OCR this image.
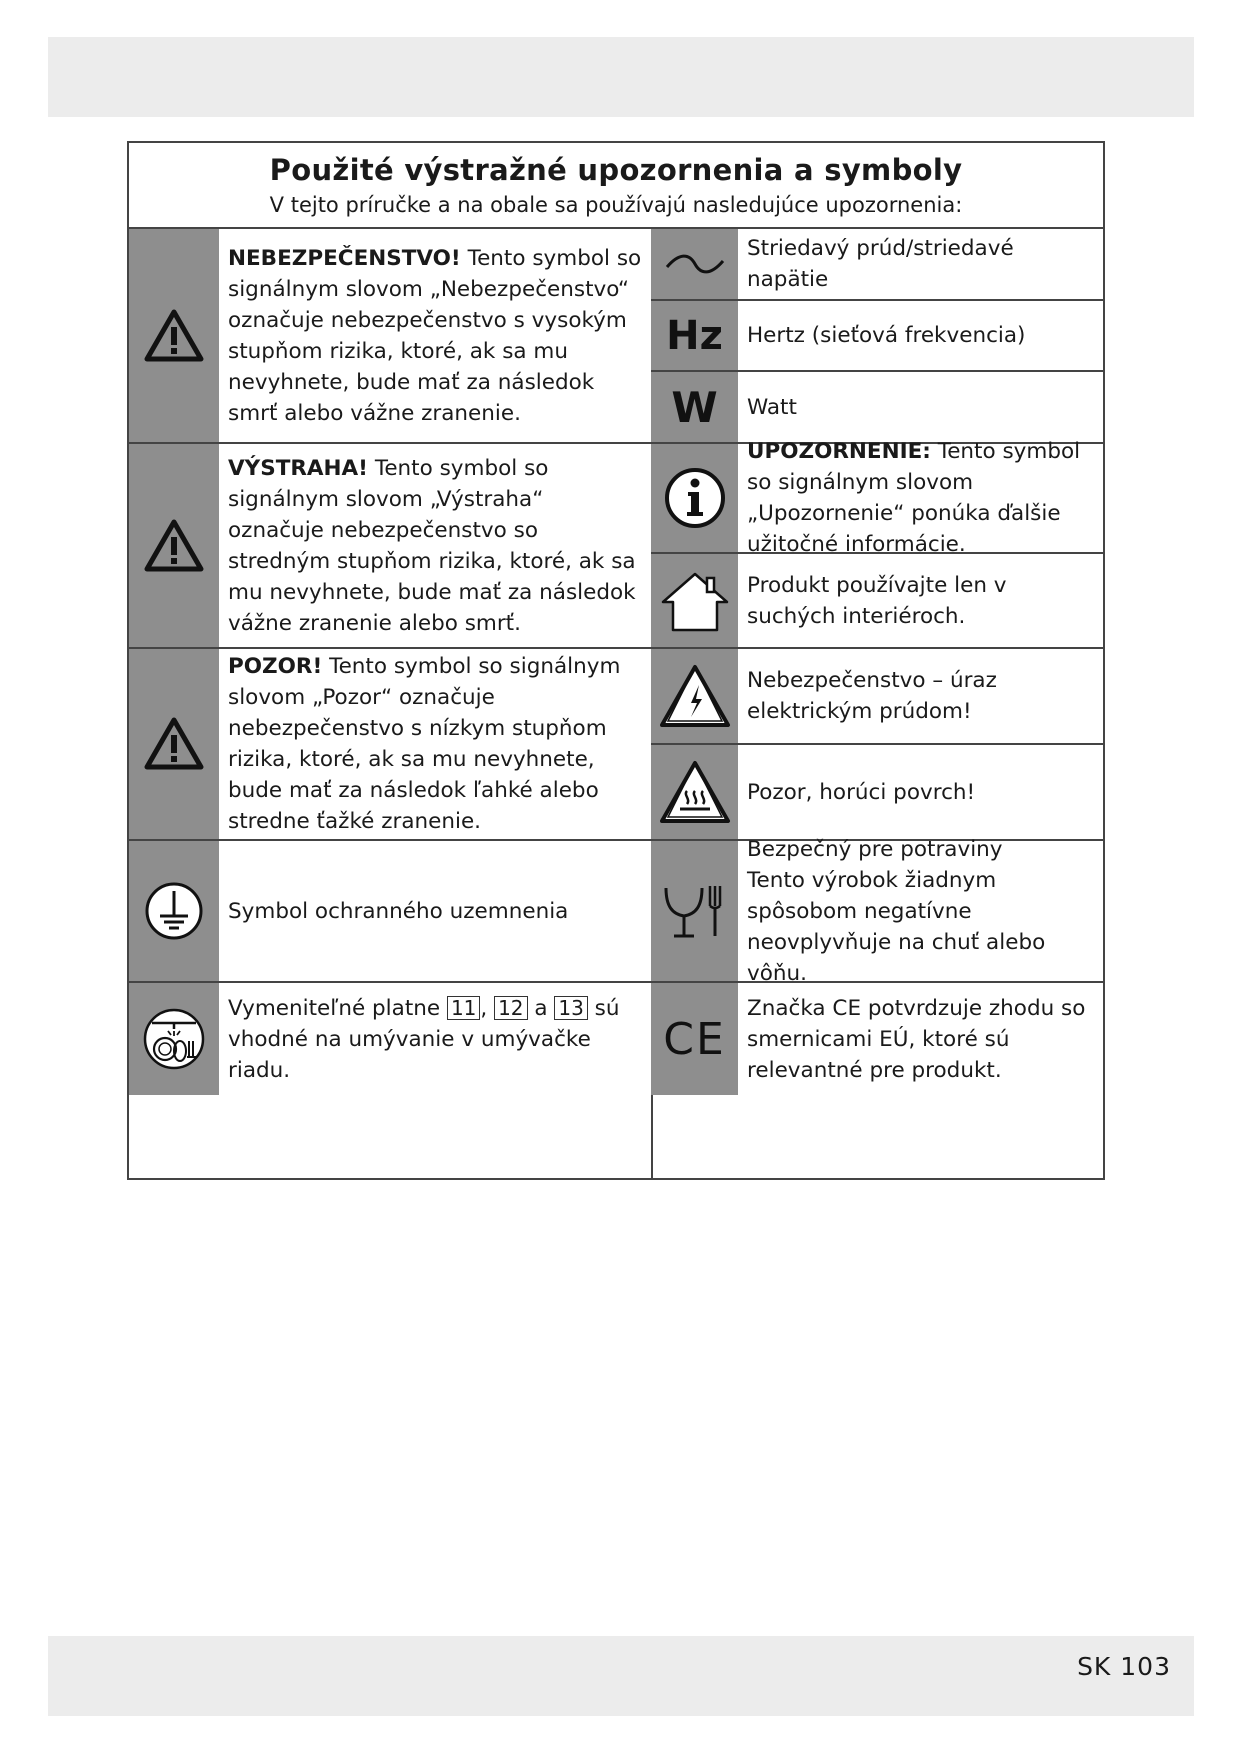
Použité výstražné upozornenia a symboly
V tejto príručke a na obale sa používajú nasledujúce upozornenia:
NEBEZPEČENSTVO! Tento symbol so signálnym slovom „Nebezpečenstvo“ označuje nebezpečenstvo s vysokým stupňom rizika, ktoré, ak sa mu nevyhnete, bude mať za následok smrť alebo vážne zranenie.
VÝSTRAHA! Tento symbol so signálnym slovom „Výstraha“ označuje nebezpečenstvo so stredným stupňom rizika, ktoré, ak sa mu nevyhnete, bude mať za následok vážne zranenie alebo smrť.
POZOR! Tento symbol so signálnym slovom „Pozor“ označuje nebezpečenstvo s nízkym stupňom rizika, ktoré, ak sa mu nevyhnete, bude mať za následok ľahké alebo stredne ťažké zranenie.
Symbol ochranného uzemnenia
Vymeniteľné platne 11 , 12 a 13 sú vhodné na umývanie v umývačke riadu.
Striedavý prúd/striedavé napätie
Hz	Hertz (sieťová frekvencia)
W	Watt
UPOZORNENIE: Tento symbol so signálnym slovom „Upozornenie“ ponúka ďalšie užitočné informácie.
Produkt používajte len v suchých interiéroch.
Nebezpečenstvo – úraz elektrickým prúdom!
Pozor, horúci povrch!
Bezpečný pre potraviny
Tento výrobok žiadnym spôsobom negatívne neovplyvňuje na chuť alebo vôňu.
CE
Značka CE potvrdzuje zhodu so smernicami EÚ, ktoré sú relevantné pre produkt.
SK 103
